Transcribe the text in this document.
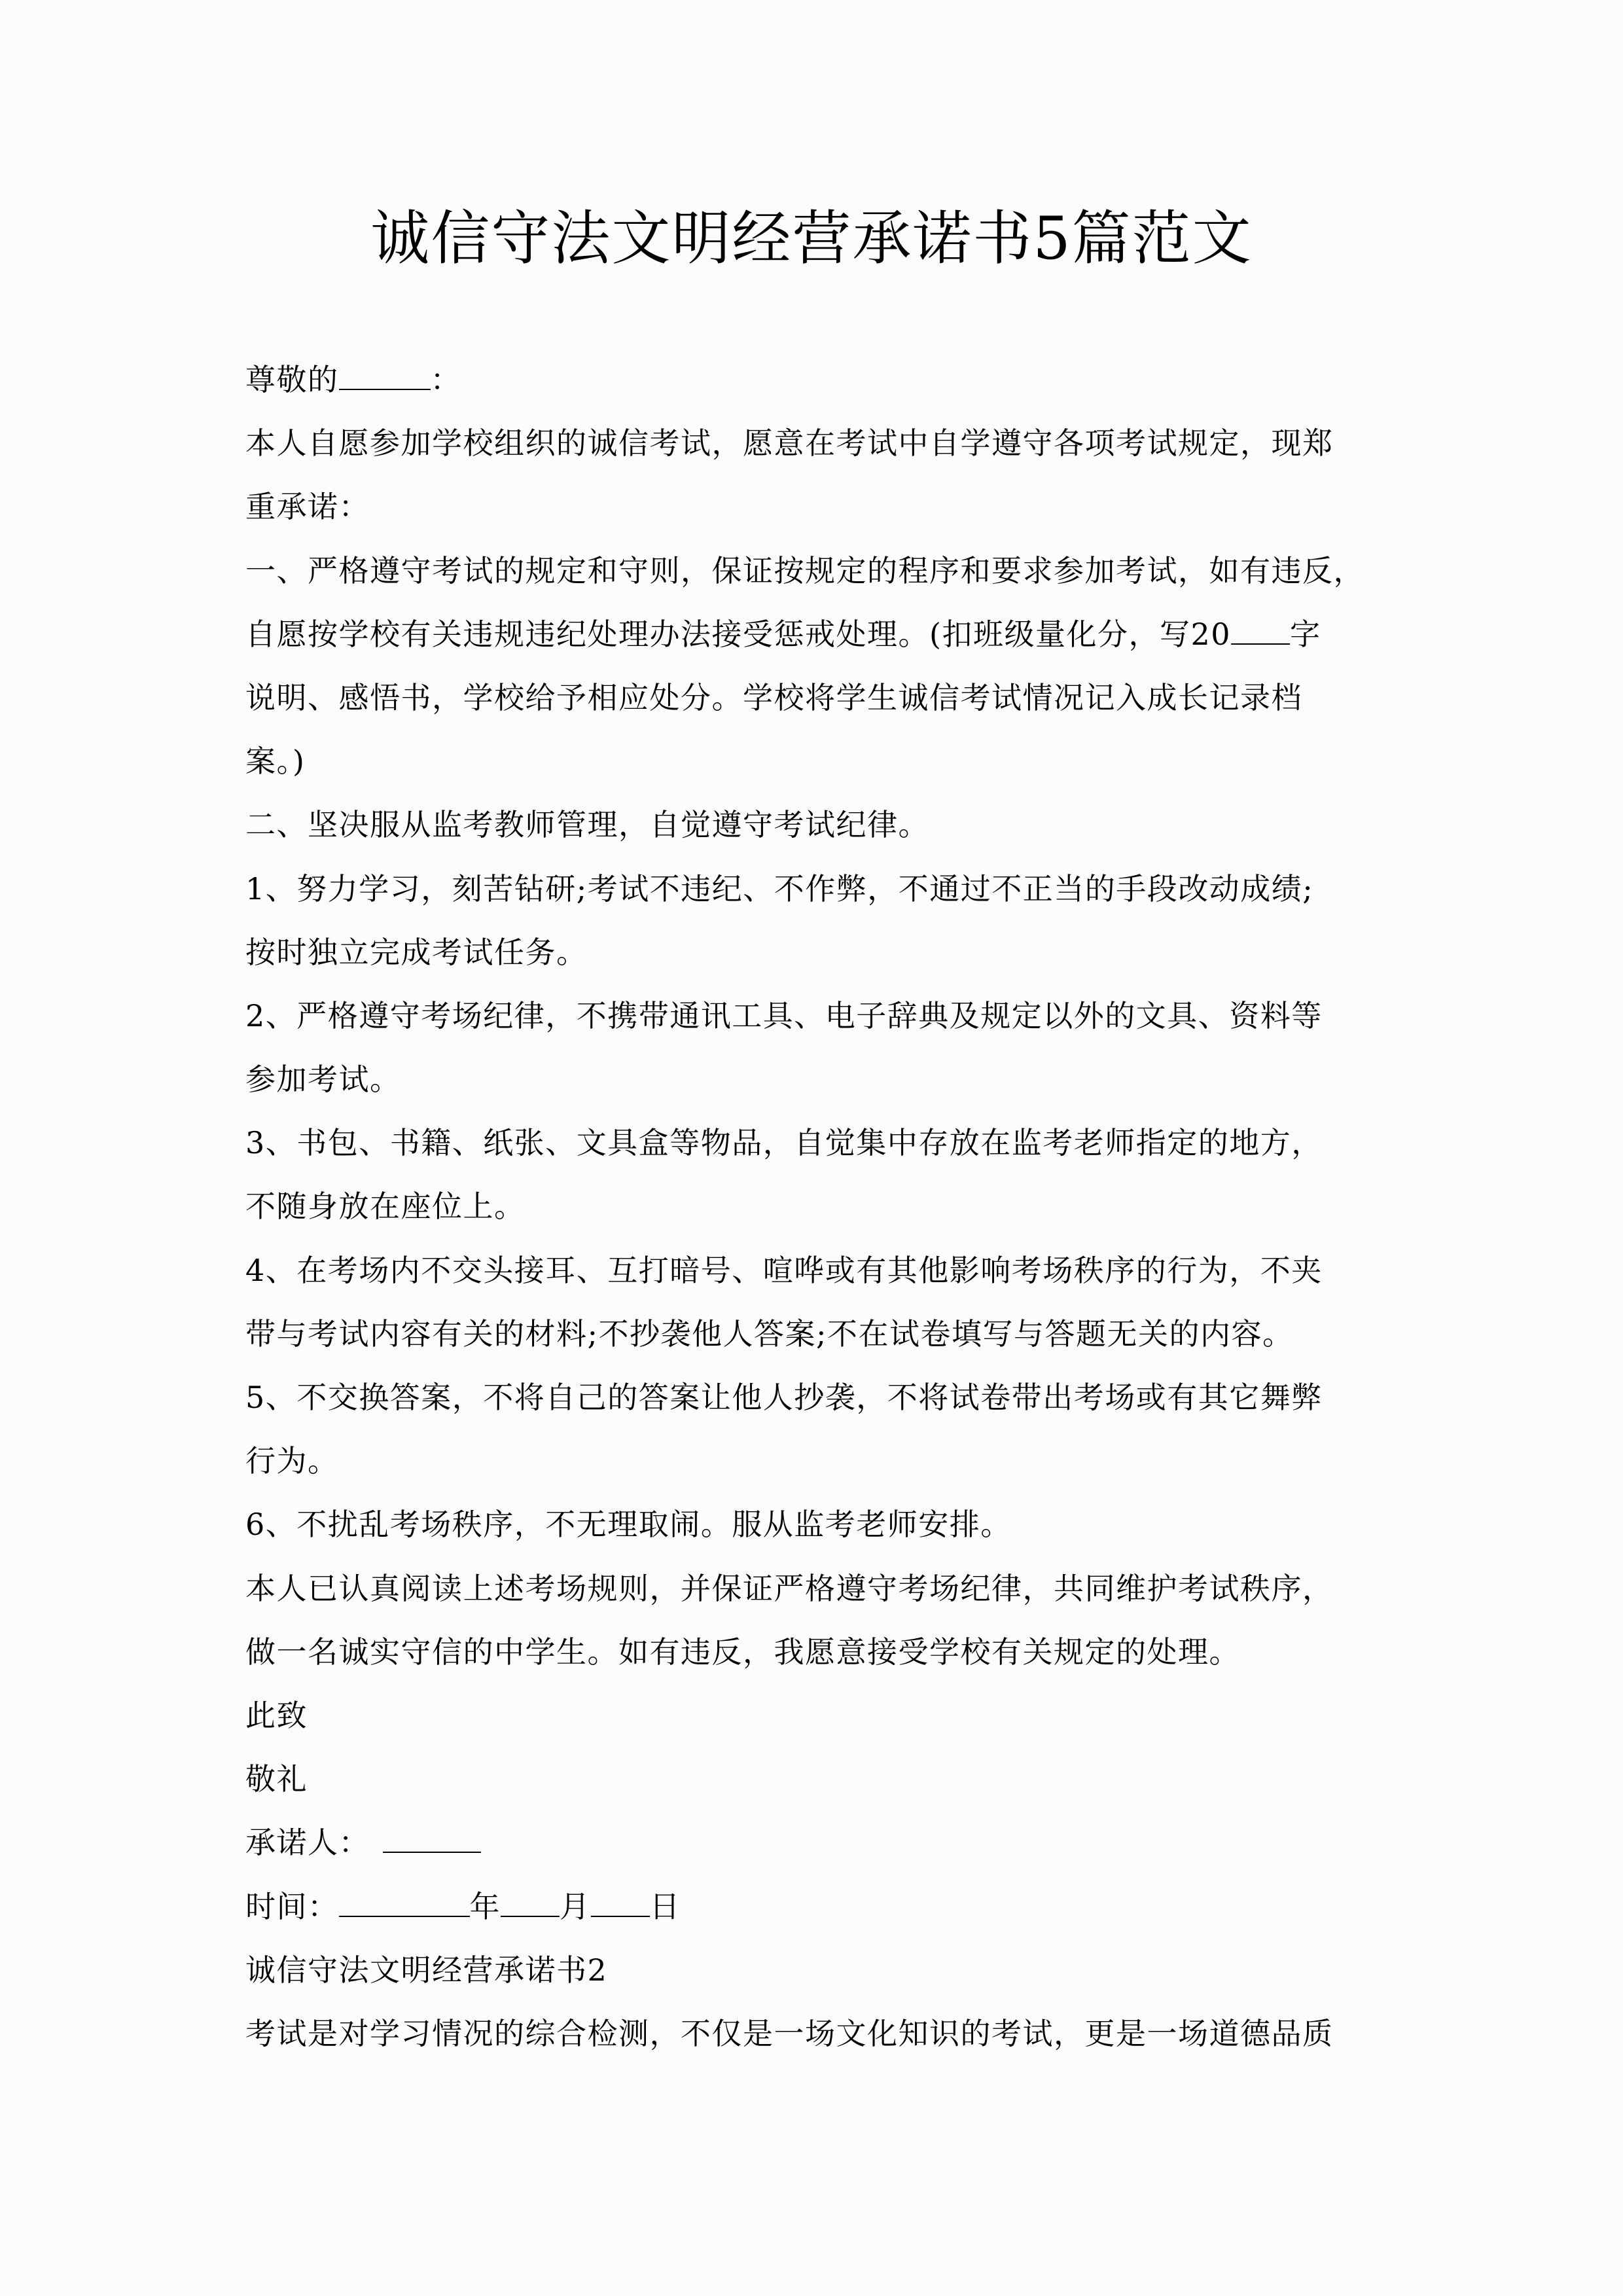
诚信守法文明经营承诺书5篇范文
尊敬的	：
本人自愿参加学校组织的诚信考试，愿意在考试中自学遵守各项考试规定，现郑
重承诺：
一、严格遵守考试的规定和守则，保证按规定的程序和要求参加考试，如有违反，
自愿按学校有关违规违纪处理办法接受惩戒处理。(扣班级量化分，写20 字
说明、感悟书，学校给予相应处分。学校将学生诚信考试情况记入成长记录档
案。)
二、坚决服从监考教师管理，自觉遵守考试纪律。
1、努力学习，刻苦钻研;考试不违纪、不作弊，不通过不正当的手段改动成绩;
按时独立完成考试任务。
2、严格遵守考场纪律，不携带通讯工具、电子辞典及规定以外的文具、资料等
参加考试。
3、书包、书籍、纸张、文具盒等物品，自觉集中存放在监考老师指定的地方，
不随身放在座位上。
4、在考场内不交头接耳、互打暗号、喧哗或有其他影响考场秩序的行为，不夹
带与考试内容有关的材料;不抄袭他人答案;不在试卷填写与答题无关的内容。
5、不交换答案，不将自己的答案让他人抄袭，不将试卷带出考场或有其它舞弊
行为。
6、不扰乱考场秩序，不无理取闹。服从监考老师安排。
本人已认真阅读上述考场规则，并保证严格遵守考场纪律，共同维护考试秩序，
做一名诚实守信的中学生。如有违反，我愿意接受学校有关规定的处理。
此致
敬礼
承诺人：
时间：	年 月 日
诚信守法文明经营承诺书2
考试是对学习情况的综合检测，不仅是一场文化知识的考试，更是一场道德品质
